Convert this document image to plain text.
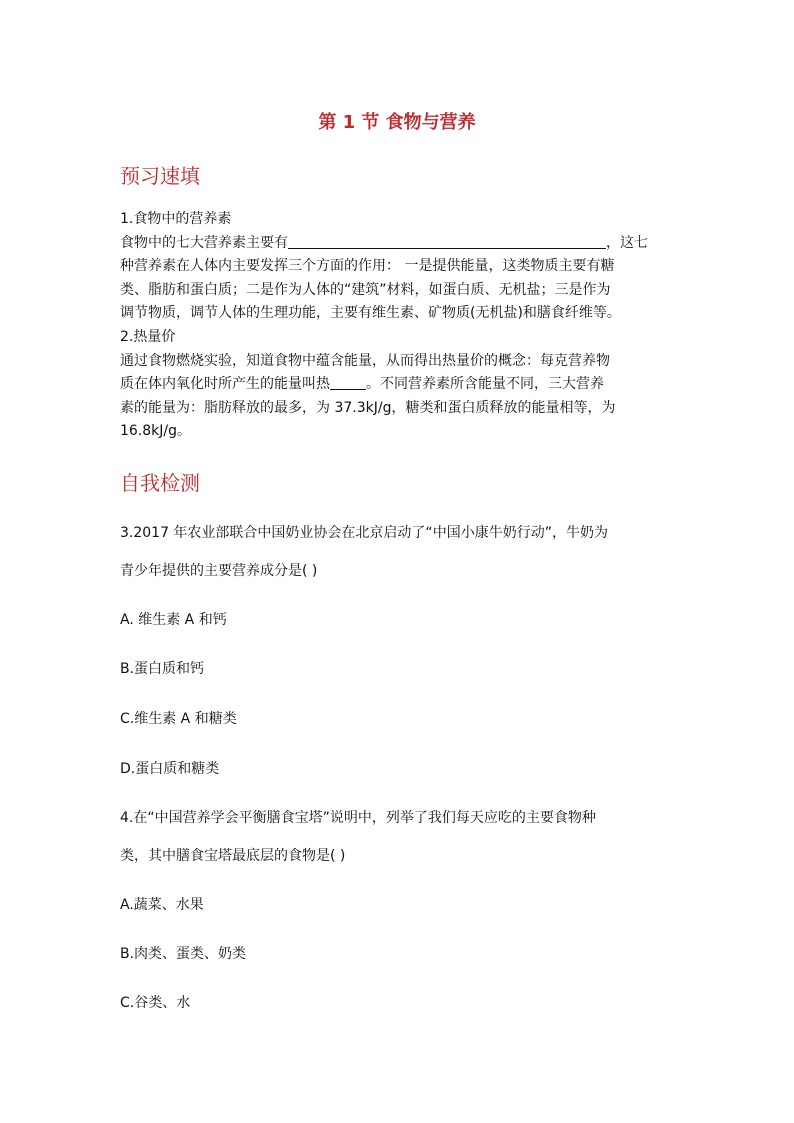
第 1 节 食物与营养
预习速填

1.食物中的营养素

食物中的七大营养素主要有	，这七

种营养素在人体内主要发挥三个方面的作用： 一是提供能量，这类物质主要有糖

类、脂肪和蛋白质；二是作为人体的“建筑”材料，如蛋白质、无机盐；三是作为

调节物质，调节人体的生理功能，主要有维生素、矿物质(无机盐)和膳食纤维等。

2.热量价

通过食物燃烧实验，知道食物中蕴含能量，从而得出热量价的概念：每克营养物

质在体内氧化时所产生的能量叫热	。不同营养素所含能量不同，三大营养

素的能量为：脂肪释放的最多，为 37.3kJ/g，糖类和蛋白质释放的能量相等，为

16.8kJ/g。

自我检测
3.2017 年农业部联合中国奶业协会在北京启动了“中国小康牛奶行动”，牛奶为
青少年提供的主要营养成分是( )
A. 维生素 A 和钙
B.蛋白质和钙
C.维生素 A 和糖类
D.蛋白质和糖类
4.在“中国营养学会平衡膳食宝塔”说明中，列举了我们每天应吃的主要食物种
类，其中膳食宝塔最底层的食物是( )
A.蔬菜、水果
B.肉类、蛋类、奶类
C.谷类、水
